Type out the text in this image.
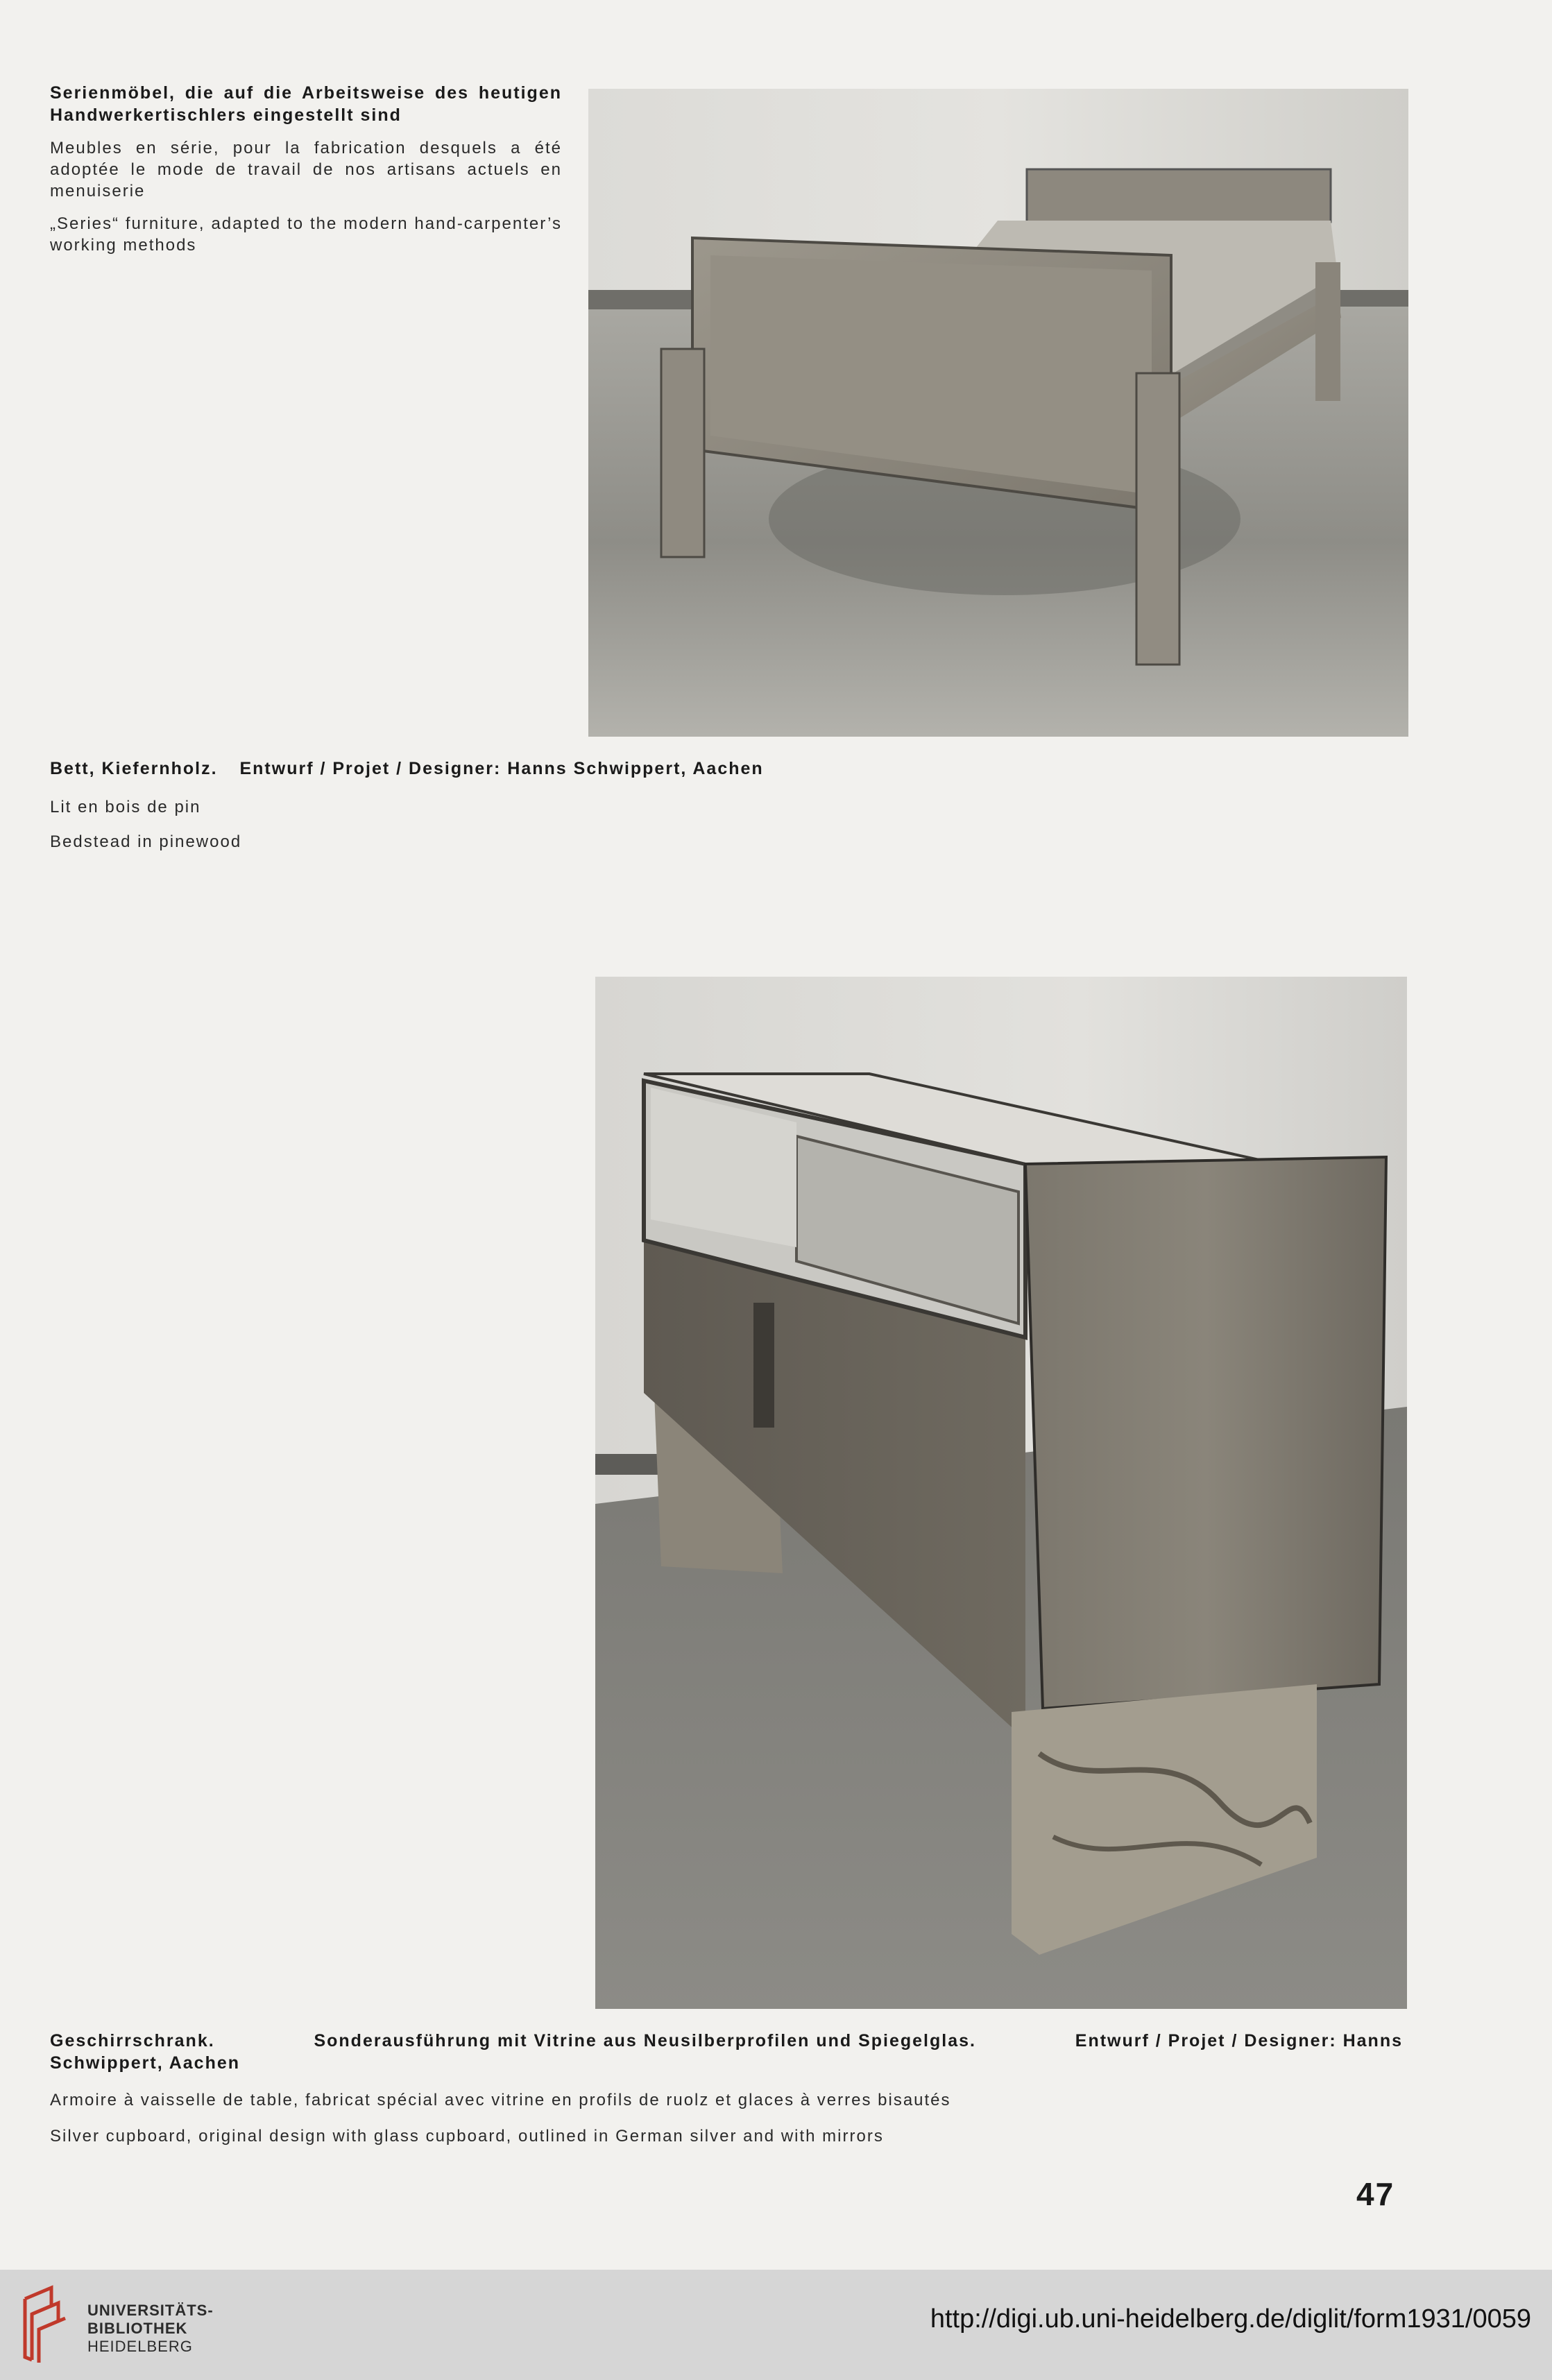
Serienmöbel, die auf die Arbeitsweise des heutigen Handwerkertischlers eingestellt sind
Meubles en série, pour la fabrication desquels a été adoptée le mode de travail de nos artisans actuels en menuiserie
„Series“ furniture, adapted to the modern hand-carpenter’s working methods
Bett, Kiefernholz. Entwurf / Projet / Designer: Hanns Schwippert, Aachen
Lit en bois de pin
Bedstead in pinewood
Geschirrschrank.	Sonderausführung mit Vitrine aus Neusilberprofilen und Spiegelglas.	Entwurf / Projet / Designer: Hanns
Schwippert, Aachen
Armoire à vaisselle de table, fabricat spécial avec vitrine en profils de ruolz et glaces à verres bisautés
Silver cupboard, original design with glass cupboard, outlined in German silver and with mirrors
47
UNIVERSITÄTS-
BIBLIOTHEK
HEIDELBERG
http://digi.ub.uni-heidelberg.de/diglit/form1931/0059
